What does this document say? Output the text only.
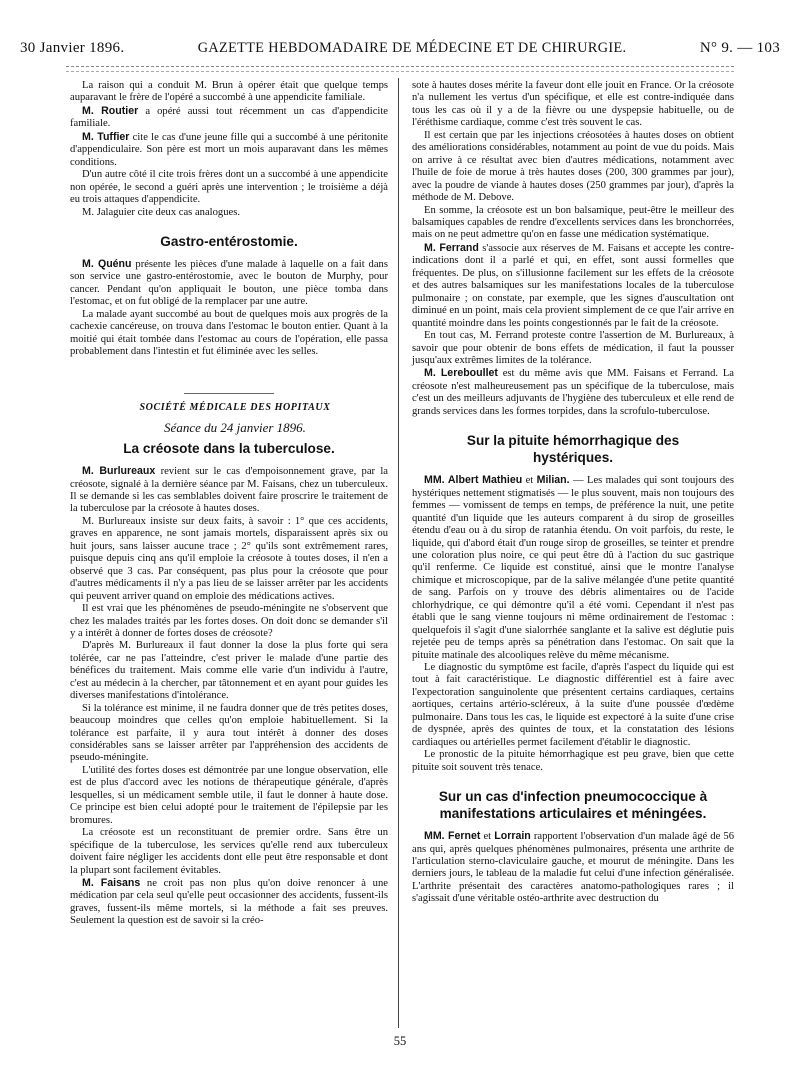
30 Janvier 1896.	GAZETTE HEBDOMADAIRE DE MÉDECINE ET DE CHIRURGIE.	N° 9. — 103

La raison qui a conduit M. Brun à opérer était que quelque temps auparavant le frère de l'opéré a succombé à une appendicite familiale.

M. Routier a opéré aussi tout récemment un cas d'appendicite familiale.

M. Tuffier cite le cas d'une jeune fille qui a succombé à une péritonite d'appendiculaire. Son père est mort un mois auparavant dans les mêmes conditions.

D'un autre côté il cite trois frères dont un a succombé à une appendicite non opérée, le second a guéri après une intervention ; le troisième a déjà eu trois attaques d'appendicite.

M. Jalaguier cite deux cas analogues.

Gastro-entérostomie.

M. Quénu présente les pièces d'une malade à laquelle on a fait dans son service une gastro-entérostomie, avec le bouton de Murphy, pour cancer. Pendant qu'on appliquait le bouton, une pièce tomba dans l'estomac, et on fut obligé de la remplacer par une autre.

La malade ayant succombé au bout de quelques mois aux progrès de la cachexie cancéreuse, on trouva dans l'estomac le bouton entier. Quant à la moitié qui était tombée dans l'estomac au cours de l'opération, elle passa probablement dans l'intestin et fut éliminée avec les selles.

SOCIÉTÉ MÉDICALE DES HOPITAUX

Séance du 24 janvier 1896.

La créosote dans la tuberculose.

M. Burlureaux revient sur le cas d'empoisonnement grave, par la créosote, signalé à la dernière séance par M. Faisans, chez un tuberculeux. Il se demande si les cas semblables doivent faire proscrire le traitement de la tuberculose par la créosote à hautes doses.

M. Burlureaux insiste sur deux faits, à savoir : 1° que ces accidents, graves en apparence, ne sont jamais mortels, disparaissent après six ou huit jours, sans laisser aucune trace ; 2° qu'ils sont extrêmement rares, puisque depuis cinq ans qu'il emploie la créosote à toutes doses, il n'en a observé que 3 cas. Par conséquent, pas plus pour la créosote que pour d'autres médicaments il n'y a pas lieu de se laisser arrêter par les accidents qui peuvent arriver quand on emploie des médications actives.

Il est vrai que les phénomènes de pseudo-méningite ne s'observent que chez les malades traités par les fortes doses. On doit donc se demander s'il y a intérêt à donner de fortes doses de créosote?

D'après M. Burlureaux il faut donner la dose la plus forte qui sera tolérée, car ne pas l'atteindre, c'est priver le malade d'une partie des bénéfices du traitement. Mais comme elle varie d'un individu à l'autre, c'est au médecin à la chercher, par tâtonnement et en ayant pour guides les diverses manifestations d'intolérance.

Si la tolérance est minime, il ne faudra donner que de très petites doses, beaucoup moindres que celles qu'on emploie habituellement. Si la tolérance est parfaite, il y aura tout intérêt à donner des doses considérables sans se laisser arrêter par l'appréhension des accidents de pseudo-méningite.

L'utilité des fortes doses est démontrée par une longue observation, elle est de plus d'accord avec les notions de thérapeutique générale, d'après lesquelles, si un médicament semble utile, il faut le donner à haute dose. Ce principe est bien celui adopté pour le traitement de l'épilepsie par les bromures.

La créosote est un reconstituant de premier ordre. Sans être un spécifique de la tuberculose, les services qu'elle rend aux tuberculeux doivent faire négliger les accidents dont elle peut être responsable et dont la plupart sont facilement évitables.

M. Faisans ne croit pas non plus qu'on doive renoncer à une médication par cela seul qu'elle peut occasionner des accidents, fussent-ils graves, fussent-ils même mortels, si la méthode a fait ses preuves. Seulement la question est de savoir si la créo-

sote à hautes doses mérite la faveur dont elle jouit en France. Or la créosote n'a nullement les vertus d'un spécifique, et elle est contre-indiquée dans tous les cas où il y a de la fièvre ou une dyspepsie habituelle, ou de l'éréthisme cardiaque, comme c'est très souvent le cas.

Il est certain que par les injections créosotées à hautes doses on obtient des améliorations considérables, notamment au point de vue du poids. Mais on arrive à ce résultat avec bien d'autres médications, notamment avec l'huile de foie de morue à très hautes doses (200, 300 grammes par jour), avec la poudre de viande à hautes doses (250 grammes par jour), d'après la méthode de M. Debove.

En somme, la créosote est un bon balsamique, peut-être le meilleur des balsamiques capables de rendre d'excellents services dans les bronchorrées, mais on ne peut admettre qu'on en fasse une médication systématique.

M. Ferrand s'associe aux réserves de M. Faisans et accepte les contre-indications dont il a parlé et qui, en effet, sont aussi formelles que fréquentes. De plus, on s'illusionne facilement sur les effets de la créosote et des autres balsamiques sur les manifestations locales de la tuberculose pulmonaire ; on constate, par exemple, que les signes d'auscultation ont diminué en un point, mais cela provient simplement de ce que l'air arrive en quantité moindre dans les points congestionnés par le fait de la créosote.

En tout cas, M. Ferrand proteste contre l'assertion de M. Burlureaux, à savoir que pour obtenir de bons effets de médication, il faut la pousser jusqu'aux extrêmes limites de la tolérance.

M. Lereboullet est du même avis que MM. Faisans et Ferrand. La créosote n'est malheureusement pas un spécifique de la tuberculose, mais c'est un des meilleurs adjuvants de l'hygiène des tuberculeux et elle rend de grands services dans les formes torpides, dans la scrofulo-tuberculose.

Sur la pituite hémorrhagique des hystériques.

MM. Albert Mathieu et Milian. — Les malades qui sont toujours des hystériques nettement stigmatisés — le plus souvent, mais non toujours des femmes — vomissent de temps en temps, de préférence la nuit, une petite quantité d'un liquide que les auteurs comparent à du sirop de groseilles étendu d'eau ou à du sirop de ratanhia étendu. On voit parfois, du reste, le liquide, qui d'abord était d'un rouge sirop de groseilles, se teinter et prendre une coloration plus noire, ce qui peut être dû à l'action du suc gastrique qu'il renferme. Ce liquide est constitué, ainsi que le montre l'analyse chimique et microscopique, par de la salive mélangée d'une petite quantité de sang. Parfois on y trouve des débris alimentaires ou de l'acide chlorhydrique, ce qui démontre qu'il a été vomi. Cependant il n'est pas établi que le sang vienne toujours ni même ordinairement de l'estomac : quelquefois il s'agit d'une sialorrhée sanglante et la salive est déglutie puis rejetée peu de temps après sa pénétration dans l'estomac. On sait que la pituite matinale des alcooliques relève du même mécanisme.

Le diagnostic du symptôme est facile, d'après l'aspect du liquide qui est tout à fait caractéristique. Le diagnostic différentiel est à faire avec l'expectoration sanguinolente que présentent certains cardiaques, certains aortiques, certains artério-scléreux, à la suite d'une poussée d'œdème pulmonaire. Dans tous les cas, le liquide est expectoré à la suite d'une crise de dyspnée, après des quintes de toux, et la constatation des lésions cardiaques ou artérielles permet facilement d'établir le diagnostic.

Le pronostic de la pituite hémorrhagique est peu grave, bien que cette pituite soit souvent très tenace.

Sur un cas d'infection pneumococcique à manifestations articulaires et méningées.

MM. Fernet et Lorrain rapportent l'observation d'un malade âgé de 56 ans qui, après quelques phénomènes pulmonaires, présenta une arthrite de l'articulation sterno-claviculaire gauche, et mourut de méningite. Dans les derniers jours, le tableau de la maladie fut celui d'une infection généralisée. L'arthrite présentait des caractères anatomo-pathologiques rares ; il s'agissait d'une véritable ostéo-arthrite avec destruction du

55
